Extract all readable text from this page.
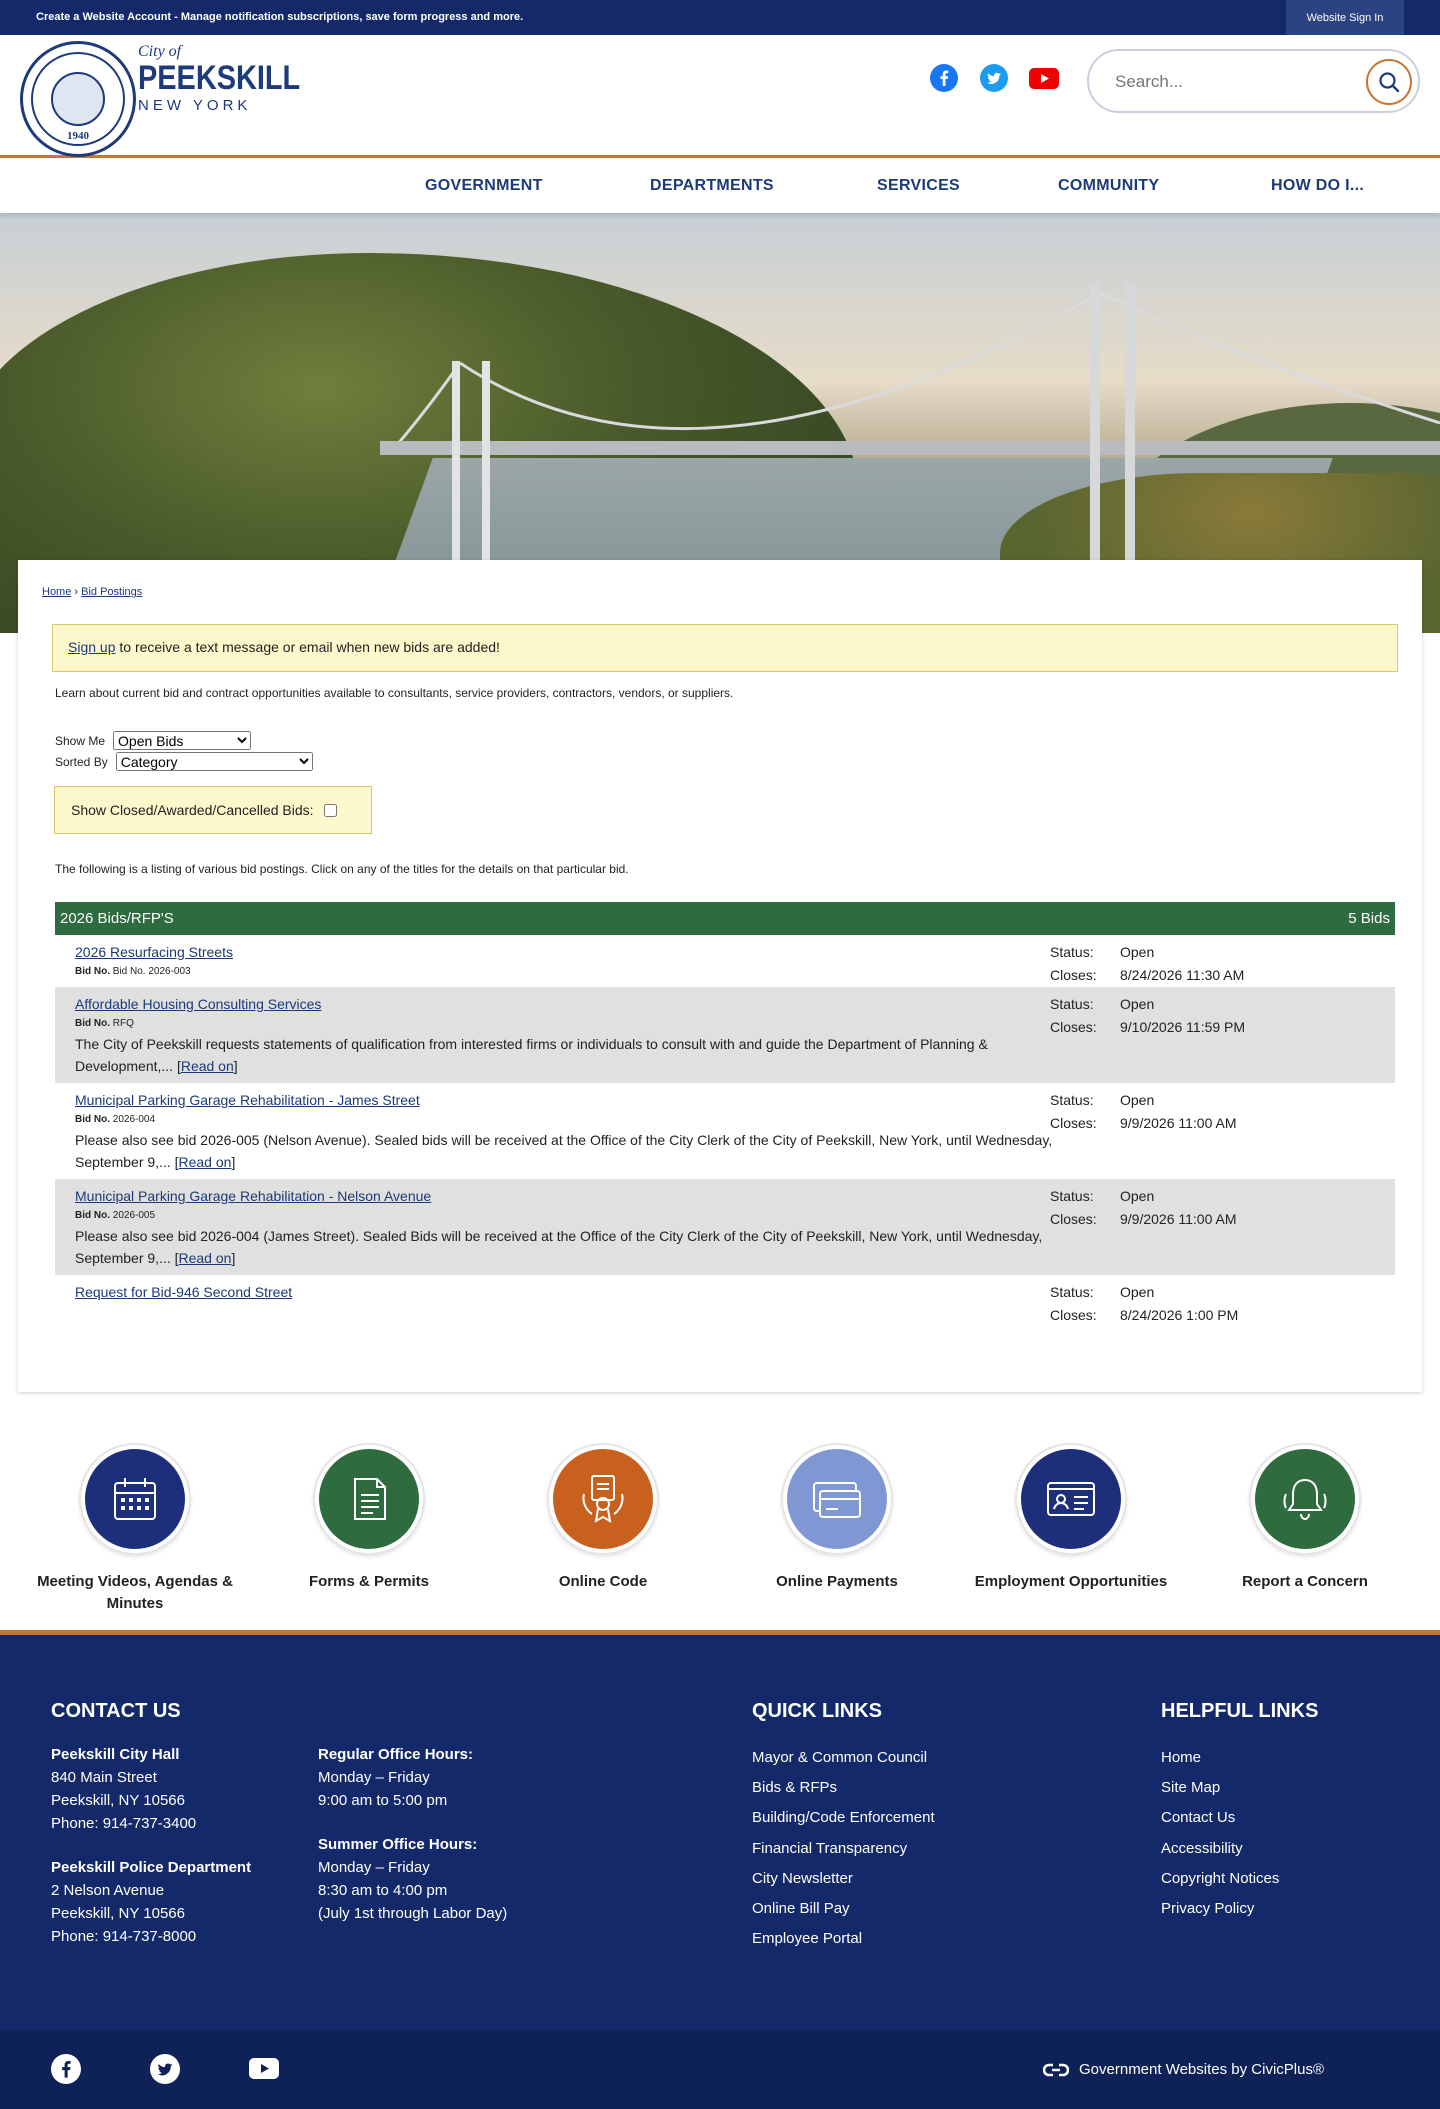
Create a Website Account - Manage notification subscriptions, save form progress and more.	Website Sign In
1940
City of
PEEKSKILL
NEW YORK
Search...
GOVERNMENT	DEPARTMENTS	SERVICES	COMMUNITY	HOW DO I...
Home › Bid Postings
Sign up to receive a text message or email when new bids are added!
Learn about current bid and contract opportunities available to consultants, service providers, contractors, vendors, or suppliers.
Show Me
Open Bids
Sorted By
Category
Show Closed/Awarded/Cancelled Bids:
The following is a listing of various bid postings. Click on any of the titles for the details on that particular bid.
2026 Bids/RFP'S	5 Bids
2026 Resurfacing Streets
Bid No. Bid No. 2026-003
Status: Open
Closes: 8/24/2026 11:30 AM
Affordable Housing Consulting Services
Bid No. RFQ
The City of Peekskill requests statements of qualification from interested firms or individuals to consult with and guide the Department of Planning & Development,... [Read on]
Status: Open
Closes: 9/10/2026 11:59 PM
Municipal Parking Garage Rehabilitation - James Street
Bid No. 2026-004
Please also see bid 2026-005 (Nelson Avenue). Sealed bids will be received at the Office of the City Clerk of the City of Peekskill, New York, until Wednesday, September 9,... [Read on]
Status: Open
Closes: 9/9/2026 11:00 AM
Municipal Parking Garage Rehabilitation - Nelson Avenue
Bid No. 2026-005
Please also see bid 2026-004 (James Street). Sealed Bids will be received at the Office of the City Clerk of the City of Peekskill, New York, until Wednesday, September 9,... [Read on]
Status: Open
Closes: 9/9/2026 11:00 AM
Request for Bid-946 Second Street	Status: Open
Closes: 8/24/2026 1:00 PM
Meeting Videos, Agendas & Minutes
Forms & Permits	Online Code	Online Payments	Employment Opportunities	Report a Concern
CONTACT US
Peekskill City Hall
840 Main Street
Peekskill, NY 10566
Phone: 914-737-3400
Peekskill Police Department
2 Nelson Avenue
Peekskill, NY 10566
Phone: 914-737-8000
Regular Office Hours:
Monday – Friday
9:00 am to 5:00 pm
Summer Office Hours:
Monday – Friday
8:30 am to 4:00 pm
(July 1st through Labor Day)
QUICK LINKS
Mayor & Common Council
Bids & RFPs
Building/Code Enforcement
Financial Transparency
City Newsletter
Online Bill Pay
Employee Portal
HELPFUL LINKS
Home
Site Map
Contact Us
Accessibility
Copyright Notices
Privacy Policy
Government Websites by CivicPlus®
